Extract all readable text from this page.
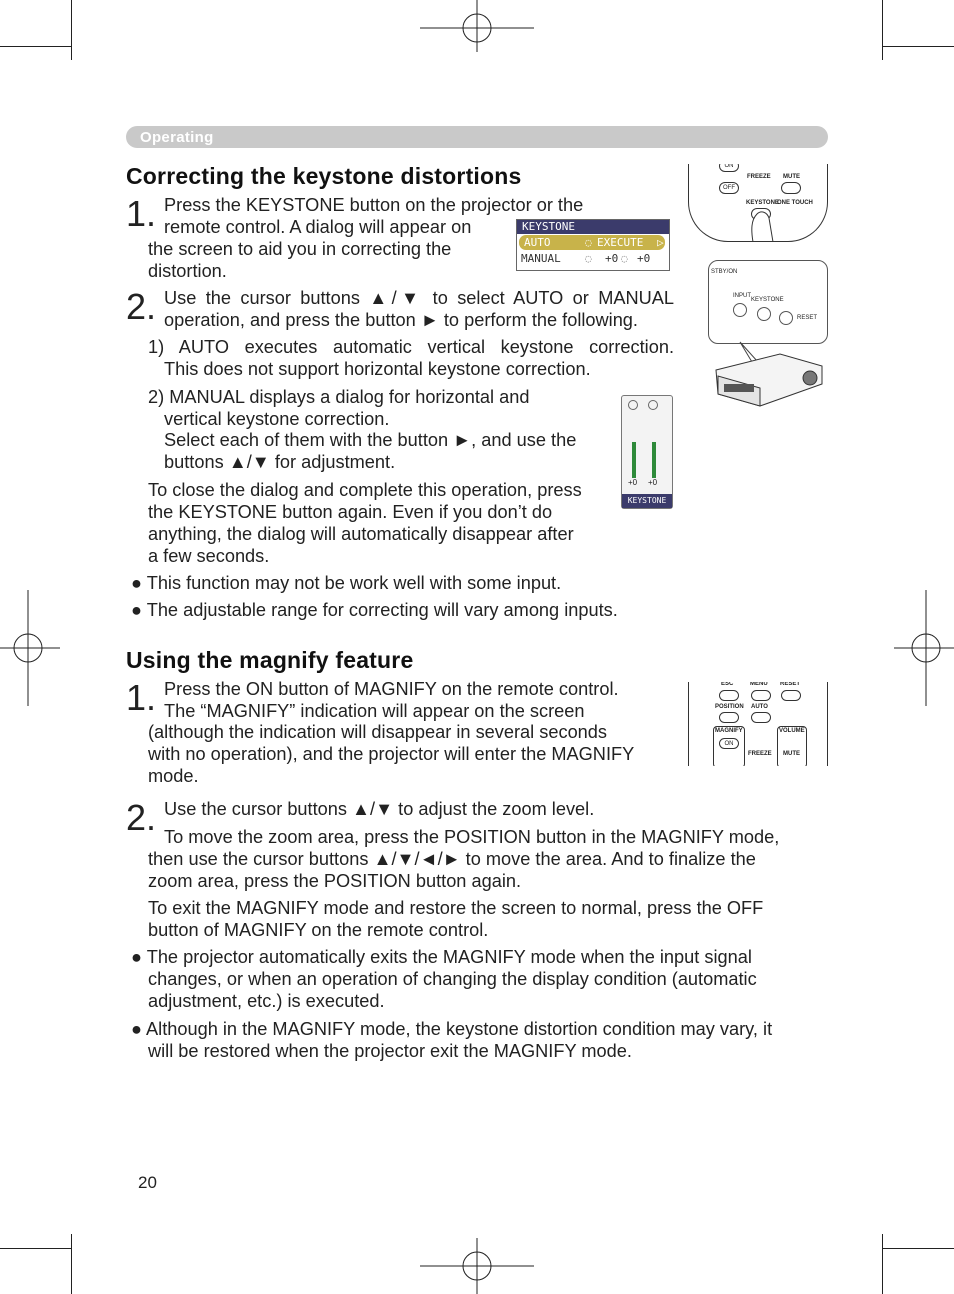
Operating
Correcting the keystone distortions
1. Press the KEYSTONE button on the projector or the
remote control. A dialog will appear on
the screen to aid you in correcting the
distortion.
KEYSTONE
AUTO	◌ EXECUTE ▷
MANUAL ◌ +0 ◌ +0
ON
OFF
FREEZE MUTE
KEYSTONE
ONE TOUCH
STBY/ON
INPUT
KEYSTONE
RESET
2. Use the cursor buttons ▲/▼ to select AUTO or MANUAL
operation, and press the button ► to perform the following.
1) AUTO executes automatic vertical keystone correction.
This does not support horizontal keystone correction.
2) MANUAL displays a dialog for horizontal and
vertical keystone correction.
Select each of them with the button ►, and use the
buttons ▲/▼ for adjustment.
+0 +0
KEYSTONE
To close the dialog and complete this operation, press
the KEYSTONE button again. Even if you don’t do
anything, the dialog will automatically disappear after
a few seconds.
● This function may not be work well with some input.
● The adjustable range for correcting will vary among inputs.
Using the magnify feature
ESC	MENU RESET
POSITION AUTO
MAGNIFY
ON
VOLUME
FREEZE MUTE
1. Press the ON button of MAGNIFY on the remote control.
The “MAGNIFY” indication will appear on the screen
(although the indication will disappear in several seconds
with no operation), and the projector will enter the MAGNIFY
mode.
2. Use the cursor buttons ▲/▼ to adjust the zoom level.
To move the zoom area, press the POSITION button in the MAGNIFY mode,
then use the cursor buttons ▲/▼/◄/► to move the area. And to finalize the
zoom area, press the POSITION button again.
To exit the MAGNIFY mode and restore the screen to normal, press the OFF
button of MAGNIFY on the remote control.
● The projector automatically exits the MAGNIFY mode when the input signal
changes, or when an operation of changing the display condition (automatic
adjustment, etc.) is executed.
● Although in the MAGNIFY mode, the keystone distortion condition may vary, it
will be restored when the projector exit the MAGNIFY mode.
20
